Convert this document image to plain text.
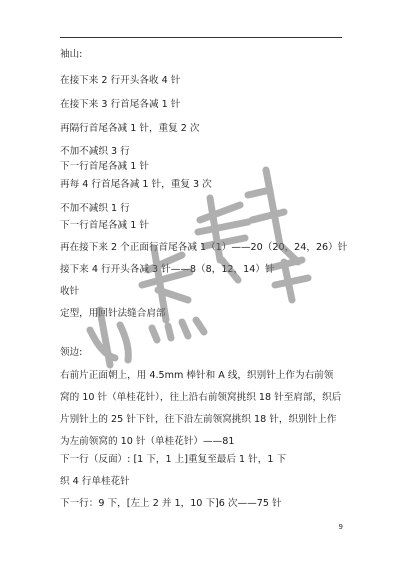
袖山:
在接下来 2 行开头各收 4 针
在接下来 3 行首尾各减 1 针
再隔行首尾各减 1 针，重复 2 次
不加不减织 3 行
下一行首尾各减 1 针
再每 4 行首尾各减 1 针，重复 3 次
不加不减织 1 行
下一行首尾各减 1 针
再在接下来 2 个正面行首尾各减 1（1）——20（20，24，26）针
接下来 4 行开头各减 3 针——8（8，12，14）针
收针
定型，用回针法缝合肩部
领边:
右前片正面朝上，用 4.5mm 棒针和 A 线，织别针上作为右前领窝的 10 针（单桂花针），往上沿右前领窝挑织 18 针至肩部，织后片别针上的 25 针下针，往下沿左前领窝挑织 18 针，织别针上作为左前领窝的 10 针（单桂花针）——81
下一行（反面）: [1 下，1 上]重复至最后 1 针，1 下
织 4 行单桂花针
下一行：9 下，[左上 2 并 1，10 下]6 次——75 针
9
